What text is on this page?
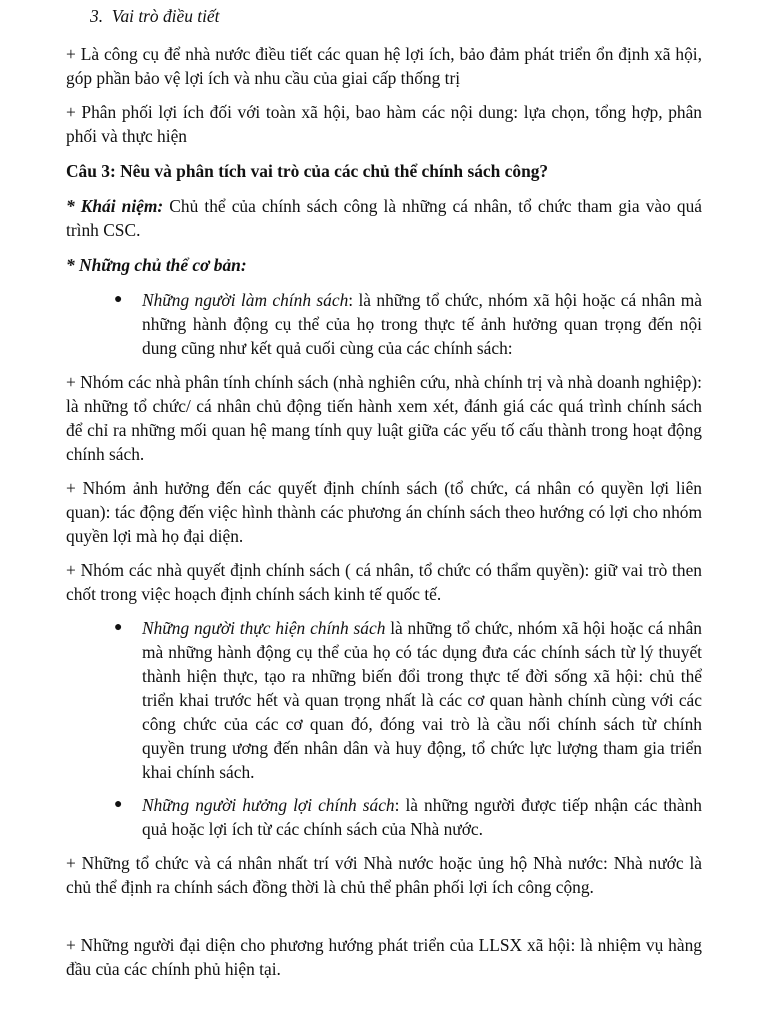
3. Vai trò điều tiết

+ Là công cụ để nhà nước điều tiết các quan hệ lợi ích, bảo đảm phát triển ổn định xã hội, góp phần bảo vệ lợi ích và nhu cầu của giai cấp thống trị

+ Phân phối lợi ích đối với toàn xã hội, bao hàm các nội dung: lựa chọn, tổng hợp, phân phối và thực hiện

Câu 3: Nêu và phân tích vai trò của các chủ thể chính sách công?

* Khái niệm: Chủ thể của chính sách công là những cá nhân, tổ chức tham gia vào quá trình CSC.

* Những chủ thể cơ bản:

● Những người làm chính sách: là những tổ chức, nhóm xã hội hoặc cá nhân mà những hành động cụ thể của họ trong thực tế ảnh hưởng quan trọng đến nội dung cũng như kết quả cuối cùng của các chính sách:

+ Nhóm các nhà phân tính chính sách (nhà nghiên cứu, nhà chính trị và nhà doanh nghiệp): là những tổ chức/ cá nhân chủ động tiến hành xem xét, đánh giá các quá trình chính sách để chỉ ra những mối quan hệ mang tính quy luật giữa các yếu tố cấu thành trong hoạt động chính sách.

+ Nhóm ảnh hưởng đến các quyết định chính sách (tổ chức, cá nhân có quyền lợi liên quan): tác động đến việc hình thành các phương án chính sách theo hướng có lợi cho nhóm quyền lợi mà họ đại diện.

+ Nhóm các nhà quyết định chính sách ( cá nhân, tổ chức có thẩm quyền): giữ vai trò then chốt trong việc hoạch định chính sách kinh tế quốc tế.

● Những người thực hiện chính sách là những tổ chức, nhóm xã hội hoặc cá nhân mà những hành động cụ thể của họ có tác dụng đưa các chính sách từ lý thuyết thành hiện thực, tạo ra những biến đổi trong thực tế đời sống xã hội: chủ thể triển khai trước hết và quan trọng nhất là các cơ quan hành chính cùng với các công chức của các cơ quan đó, đóng vai trò là cầu nối chính sách từ chính quyền trung ương đến nhân dân và huy động, tổ chức lực lượng tham gia triển khai chính sách.

● Những người hưởng lợi chính sách: là những người được tiếp nhận các thành quả hoặc lợi ích từ các chính sách của Nhà nước.

+ Những tổ chức và cá nhân nhất trí với Nhà nước hoặc ủng hộ Nhà nước: Nhà nước là chủ thể định ra chính sách đồng thời là chủ thể phân phối lợi ích công cộng.

+ Những người đại diện cho phương hướng phát triển của LLSX xã hội: là nhiệm vụ hàng đầu của các chính phủ hiện tại.
